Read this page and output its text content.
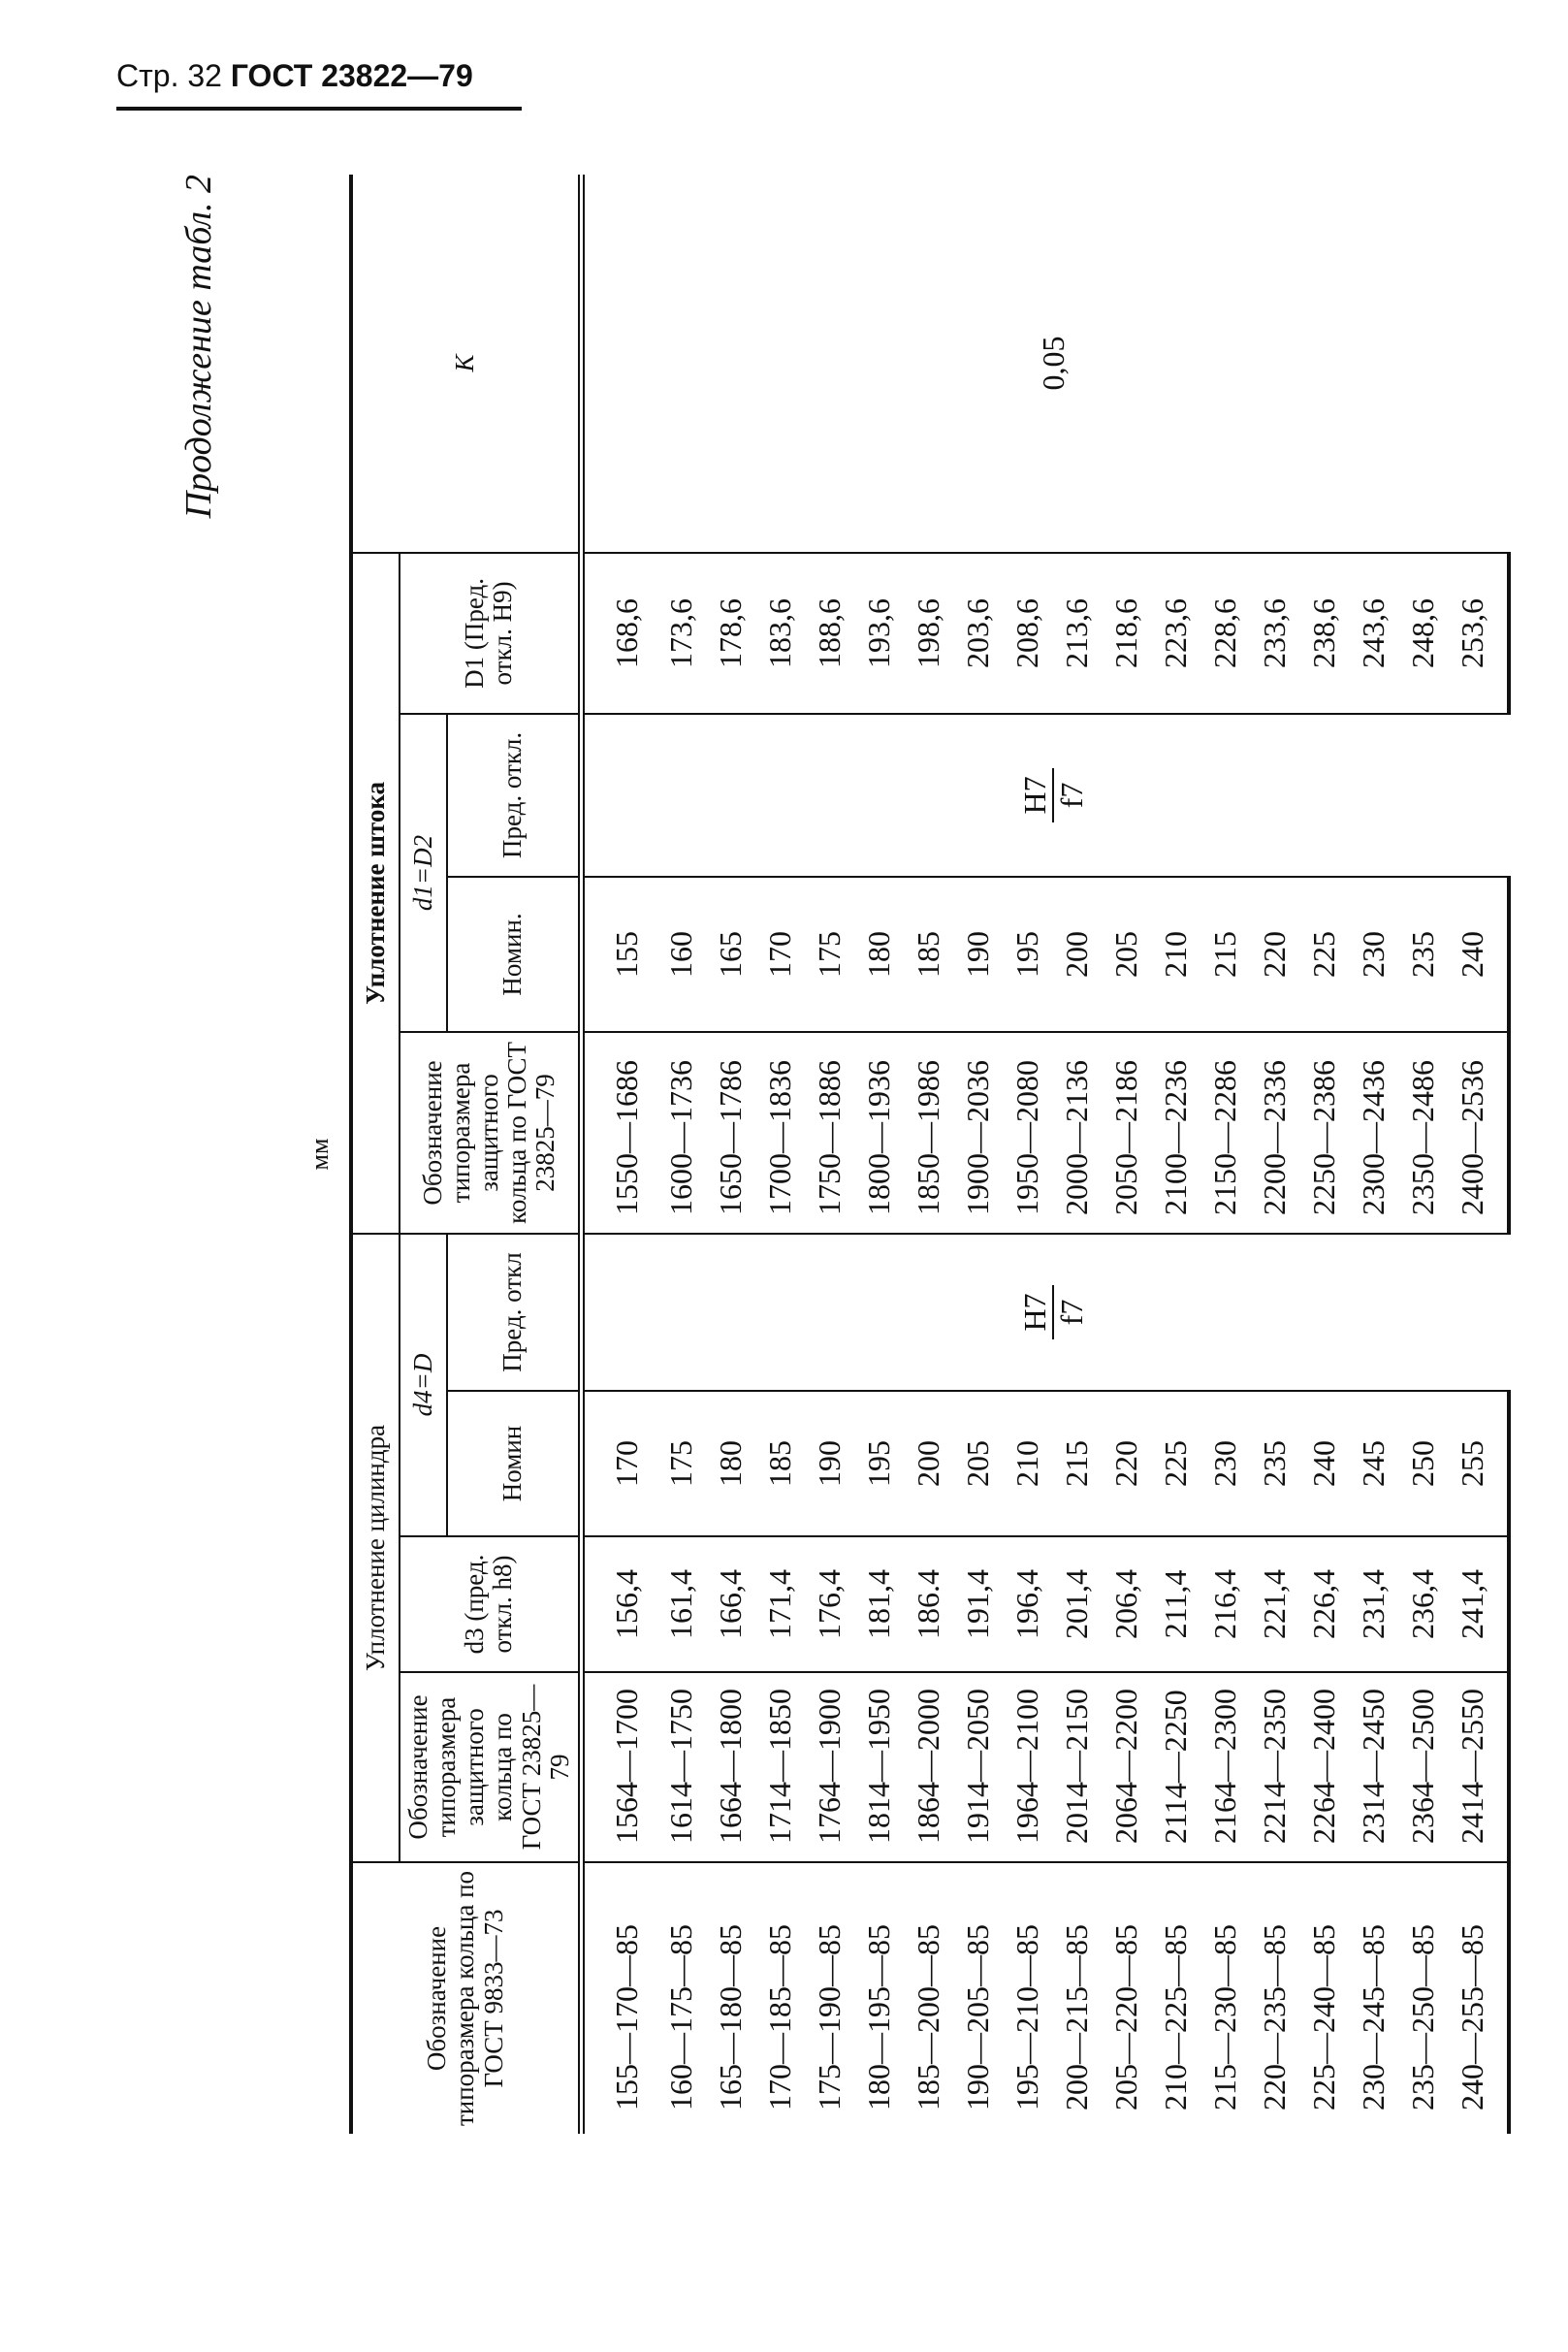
Стр. 32 ГОСТ 23822—79
Продолжение табл. 2
мм
Обозначение типоразмера кольца по ГОСТ 9833—73	Уплотнение цилиндра				Уплотнение штока				K
	Обозначение типоразмера защитного кольца по ГОСТ 23825—79	d3 (пред. откл. h8)	d4=D		Обозначение типоразмера защитного кольца по ГОСТ 23825—79	d1=D2		D1 (Пред. откл. H9)	
			Номин	Пред. откл		Номин.	Пред. откл.		
155—170—85	1564—1700	156,4	170	H7 f7	1550—1686	155	H7 f7	168,6	0,05
160—175—85	1614—1750	161,4	175		1600—1736	160		173,6	
165—180—85	1664—1800	166,4	180		1650—1786	165		178,6	
170—185—85	1714—1850	171,4	185		1700—1836	170		183,6	
175—190—85	1764—1900	176,4	190		1750—1886	175		188,6	
180—195—85	1814—1950	181,4	195		1800—1936	180		193,6	
185—200—85	1864—2000	186.4	200		1850—1986	185		198,6	
190—205—85	1914—2050	191,4	205		1900—2036	190		203,6	
195—210—85	1964—2100	196,4	210		1950—2080	195		208,6	
200—215—85	2014—2150	201,4	215		2000—2136	200		213,6	
205—220—85	2064—2200	206,4	220		2050—2186	205		218,6	
210—225—85	2114—2250	211,4	225		2100—2236	210		223,6	
215—230—85	2164—2300	216,4	230		2150—2286	215		228,6	
220—235—85	2214—2350	221,4	235		2200—2336	220		233,6	
225—240—85	2264—2400	226,4	240		2250—2386	225		238,6	
230—245—85	2314—2450	231,4	245		2300—2436	230		243,6	
235—250—85	2364—2500	236,4	250		2350—2486	235		248,6	
240—255—85	2414—2550	241,4	255		2400—2536	240		253,6	
